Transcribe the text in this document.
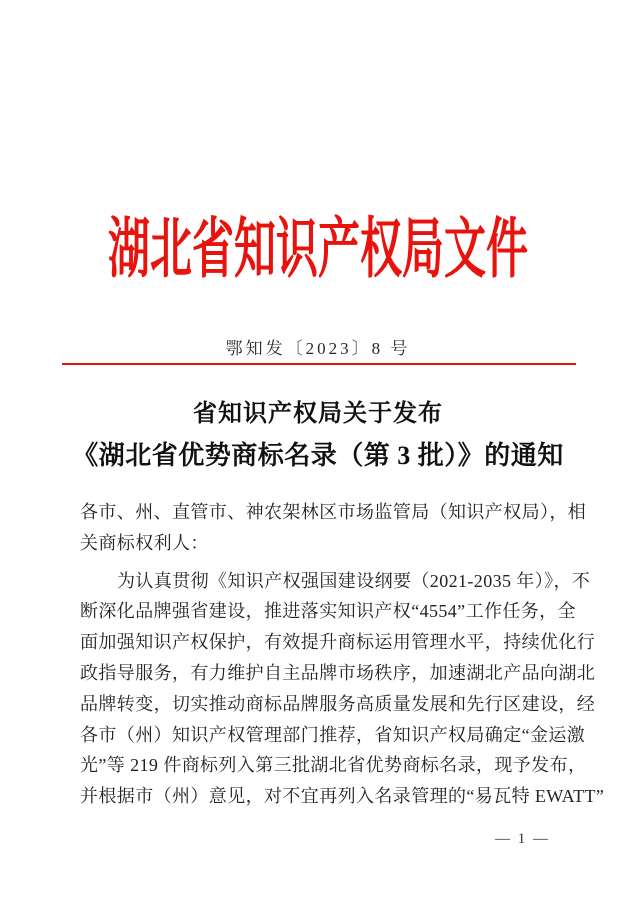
湖北省知识产权局文件
鄂知发〔2023〕8 号
省知识产权局关于发布
《湖北省优势商标名录（第 3 批）》的通知
各市、州、直管市、神农架林区市场监管局（知识产权局），相
关商标权利人：
为认真贯彻《知识产权强国建设纲要（2021-2035 年）》，不
断深化品牌强省建设，推进落实知识产权“4554”工作任务，全
面加强知识产权保护，有效提升商标运用管理水平，持续优化行
政指导服务，有力维护自主品牌市场秩序，加速湖北产品向湖北
品牌转变，切实推动商标品牌服务高质量发展和先行区建设，经
各市（州）知识产权管理部门推荐，省知识产权局确定“金运激
光”等 219 件商标列入第三批湖北省优势商标名录，现予发布，
并根据市（州）意见，对不宜再列入名录管理的“易瓦特 EWATT”
— 1 —
